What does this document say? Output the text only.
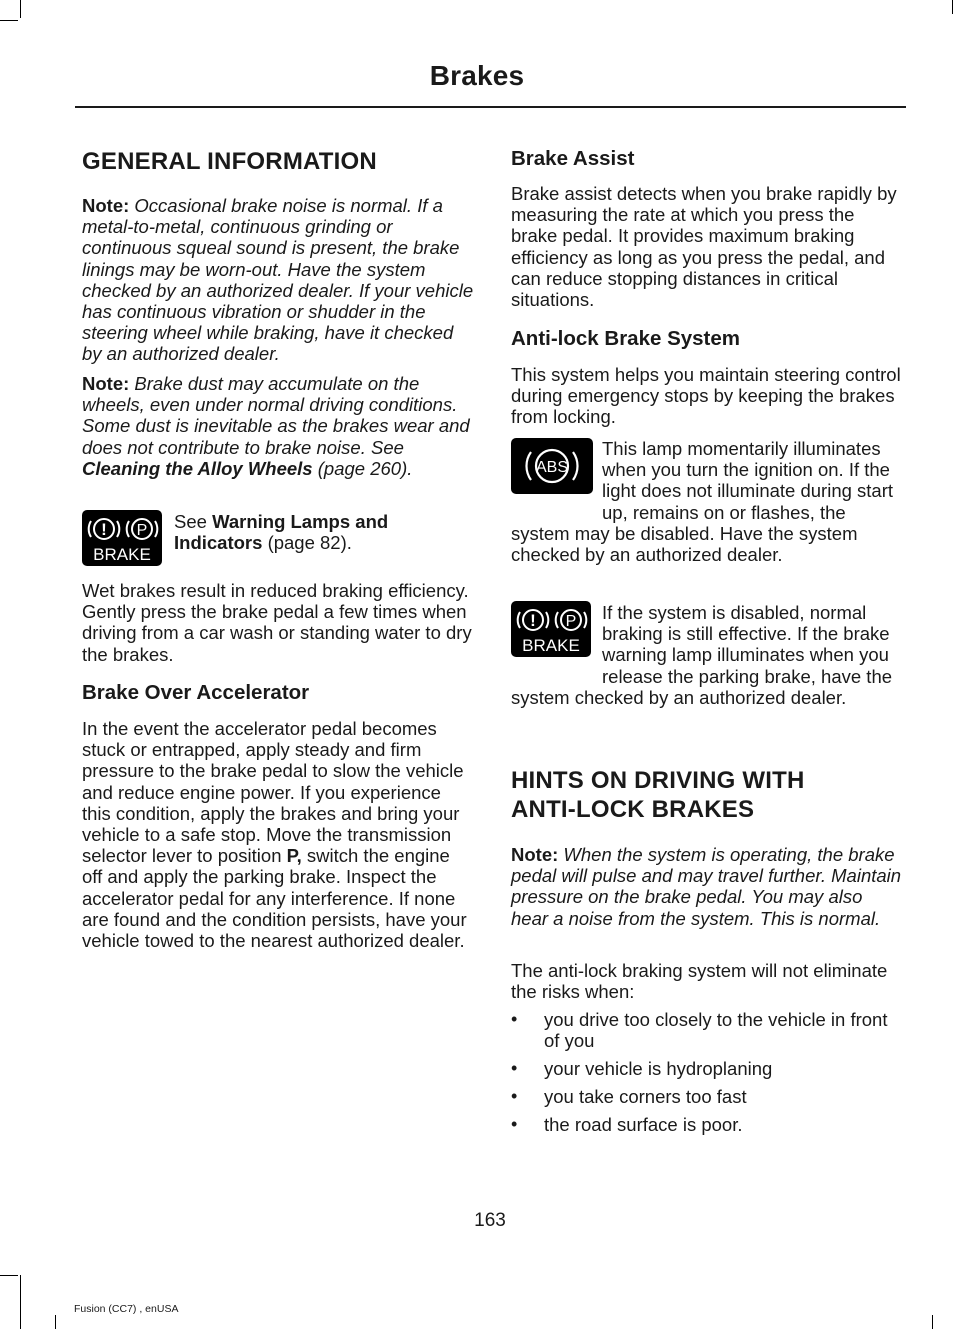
Brakes
GENERAL INFORMATION

Note: Occasional brake noise is normal. If a metal-to-metal, continuous grinding or continuous squeal sound is present, the brake linings may be worn-out. Have the system checked by an authorized dealer. If your vehicle has continuous vibration or shudder in the steering wheel while braking, have it checked by an authorized dealer.

Note: Brake dust may accumulate on the wheels, even under normal driving conditions. Some dust is inevitable as the brakes wear and does not contribute to brake noise. See Cleaning the Alloy Wheels (page 260).

! P
BRAKE

See Warning Lamps and Indicators (page 82).

Wet brakes result in reduced braking efficiency. Gently press the brake pedal a few times when driving from a car wash or standing water to dry the brakes.

Brake Over Accelerator

In the event the accelerator pedal becomes stuck or entrapped, apply steady and firm pressure to the brake pedal to slow the vehicle and reduce engine power. If you experience this condition, apply the brakes and bring your vehicle to a safe stop. Move the transmission selector lever to position P, switch the engine off and apply the parking brake. Inspect the accelerator pedal for any interference. If none are found and the condition persists, have your vehicle towed to the nearest authorized dealer.

Brake Assist

Brake assist detects when you brake rapidly by measuring the rate at which you press the brake pedal. It provides maximum braking efficiency as long as you press the pedal, and can reduce stopping distances in critical situations.

Anti-lock Brake System

This system helps you maintain steering control during emergency stops by keeping the brakes from locking.

ABS

This lamp momentarily illuminates when you turn the ignition on. If the light does not illuminate during start up, remains on or flashes, the system may be disabled. Have the system checked by an authorized dealer.

! P
BRAKE

If the system is disabled, normal braking is still effective. If the brake warning lamp illuminates when you release the parking brake, have the system checked by an authorized dealer.

HINTS ON DRIVING WITH
ANTI-LOCK BRAKES

Note: When the system is operating, the brake pedal will pulse and may travel further. Maintain pressure on the brake pedal. You may also hear a noise from the system. This is normal.

The anti-lock braking system will not eliminate the risks when:

• you drive too closely to the vehicle in front of you

• your vehicle is hydroplaning

• you take corners too fast

• the road surface is poor.

163
Fusion (CC7) , enUSA
